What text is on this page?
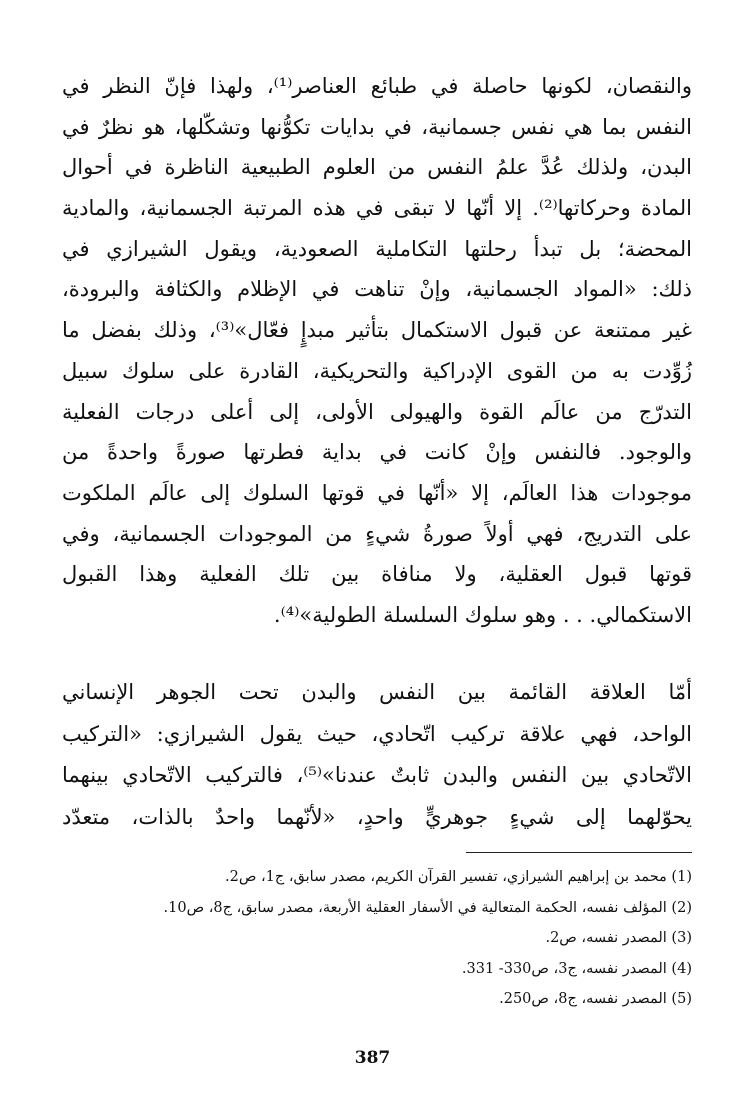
والنقصان، لكونها حاصلة في طبائع العناصر⁽¹⁾، ولهذا فإنّ النظر في
النفس بما هي نفس جسمانية، في بدايات تكوُّنها وتشكّلها، هو نظرٌ في
البدن، ولذلك عُدَّ علمُ النفس من العلوم الطبيعية الناظرة في أحوال
المادة وحركاتها⁽²⁾. إلا أنّها لا تبقى في هذه المرتبة الجسمانية، والمادية
المحضة؛ بل تبدأ رحلتها التكاملية الصعودية، ويقول الشيرازي في
ذلك: «المواد الجسمانية، وإنْ تناهت في الإظلام والكثافة والبرودة،
غير ممتنعة عن قبول الاستكمال بتأثير مبدإٍ فعّال»⁽³⁾، وذلك بفضل ما
زُوِّدت به من القوى الإدراكية والتحريكية، القادرة على سلوك سبيل
التدرّج من عالَم القوة والهيولى الأولى، إلى أعلى درجات الفعلية
والوجود. فالنفس وإنْ كانت في بداية فطرتها صورةً واحدةً من
موجودات هذا العالَم، إلا «أنّها في قوتها السلوك إلى عالَم الملكوت
على التدريج، فهي أولاً صورةُ شيءٍ من الموجودات الجسمانية، وفي
قوتها قبول العقلية، ولا منافاة بين تلك الفعلية وهذا القبول
الاستكمالي. . . وهو سلوك السلسلة الطولية»⁽⁴⁾.
أمّا العلاقة القائمة بين النفس والبدن تحت الجوهر الإنساني
الواحد، فهي علاقة تركيب اتّحادي، حيث يقول الشيرازي: «التركيب
الاتّحادي بين النفس والبدن ثابتٌ عندنا»⁽⁵⁾، فالتركيب الاتّحادي بينهما
يحوّلهما إلى شيءٍ جوهريٍّ واحدٍ، «لأنّهما واحدٌ بالذات، متعدّد
(1) محمد بن إبراهيم الشيرازي، تفسير القرآن الكريم، مصدر سابق، ج1، ص2.
(2) المؤلف نفسه، الحكمة المتعالية في الأسفار العقلية الأربعة، مصدر سابق، ج8، ص10.
(3) المصدر نفسه، ص2.
(4) المصدر نفسه، ج3، ص330- 331.
(5) المصدر نفسه، ج8، ص250.
387
